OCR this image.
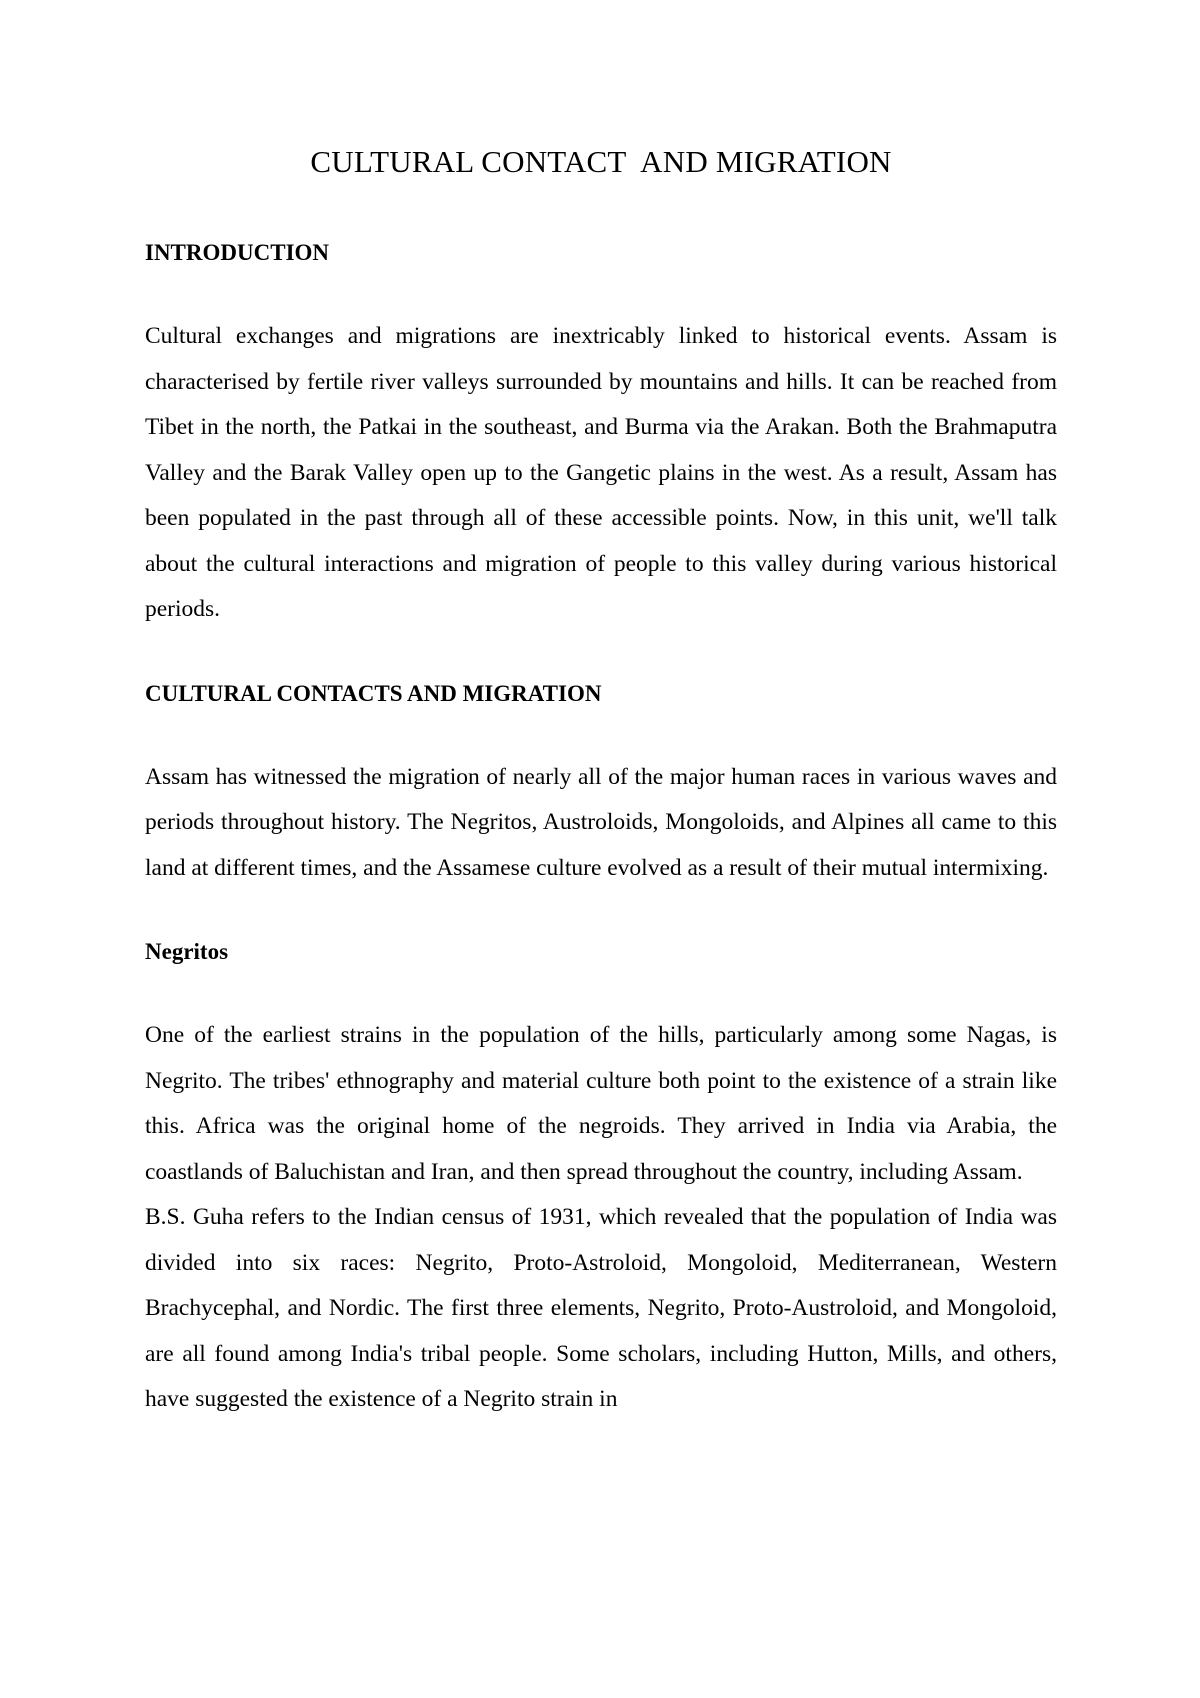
CULTURAL CONTACT  AND MIGRATION
INTRODUCTION

Cultural exchanges and migrations are inextricably linked to historical events. Assam is characterised by fertile river valleys surrounded by mountains and hills. It can be reached from Tibet in the north, the Patkai in the southeast, and Burma via the Arakan. Both the Brahmaputra Valley and the Barak Valley open up to the Gangetic plains in the west. As a result, Assam has been populated in the past through all of these accessible points. Now, in this unit, we'll talk about the cultural interactions and migration of people to this valley during various historical periods.

CULTURAL CONTACTS AND MIGRATION

Assam has witnessed the migration of nearly all of the major human races in various waves and periods throughout history. The Negritos, Austroloids, Mongoloids, and Alpines all came to this land at different times, and the Assamese culture evolved as a result of their mutual intermixing.

Negritos

One of the earliest strains in the population of the hills, particularly among some Nagas, is Negrito. The tribes' ethnography and material culture both point to the existence of a strain like this. Africa was the original home of the negroids. They arrived in India via Arabia, the coastlands of Baluchistan and Iran, and then spread throughout the country, including Assam.

B.S. Guha refers to the Indian census of 1931, which revealed that the population of India was divided into six races: Negrito, Proto-Astroloid, Mongoloid, Mediterranean, Western Brachycephal, and Nordic. The first three elements, Negrito, Proto-Austroloid, and Mongoloid, are all found among India's tribal people. Some scholars, including Hutton, Mills, and others, have suggested the existence of a Negrito strain in
